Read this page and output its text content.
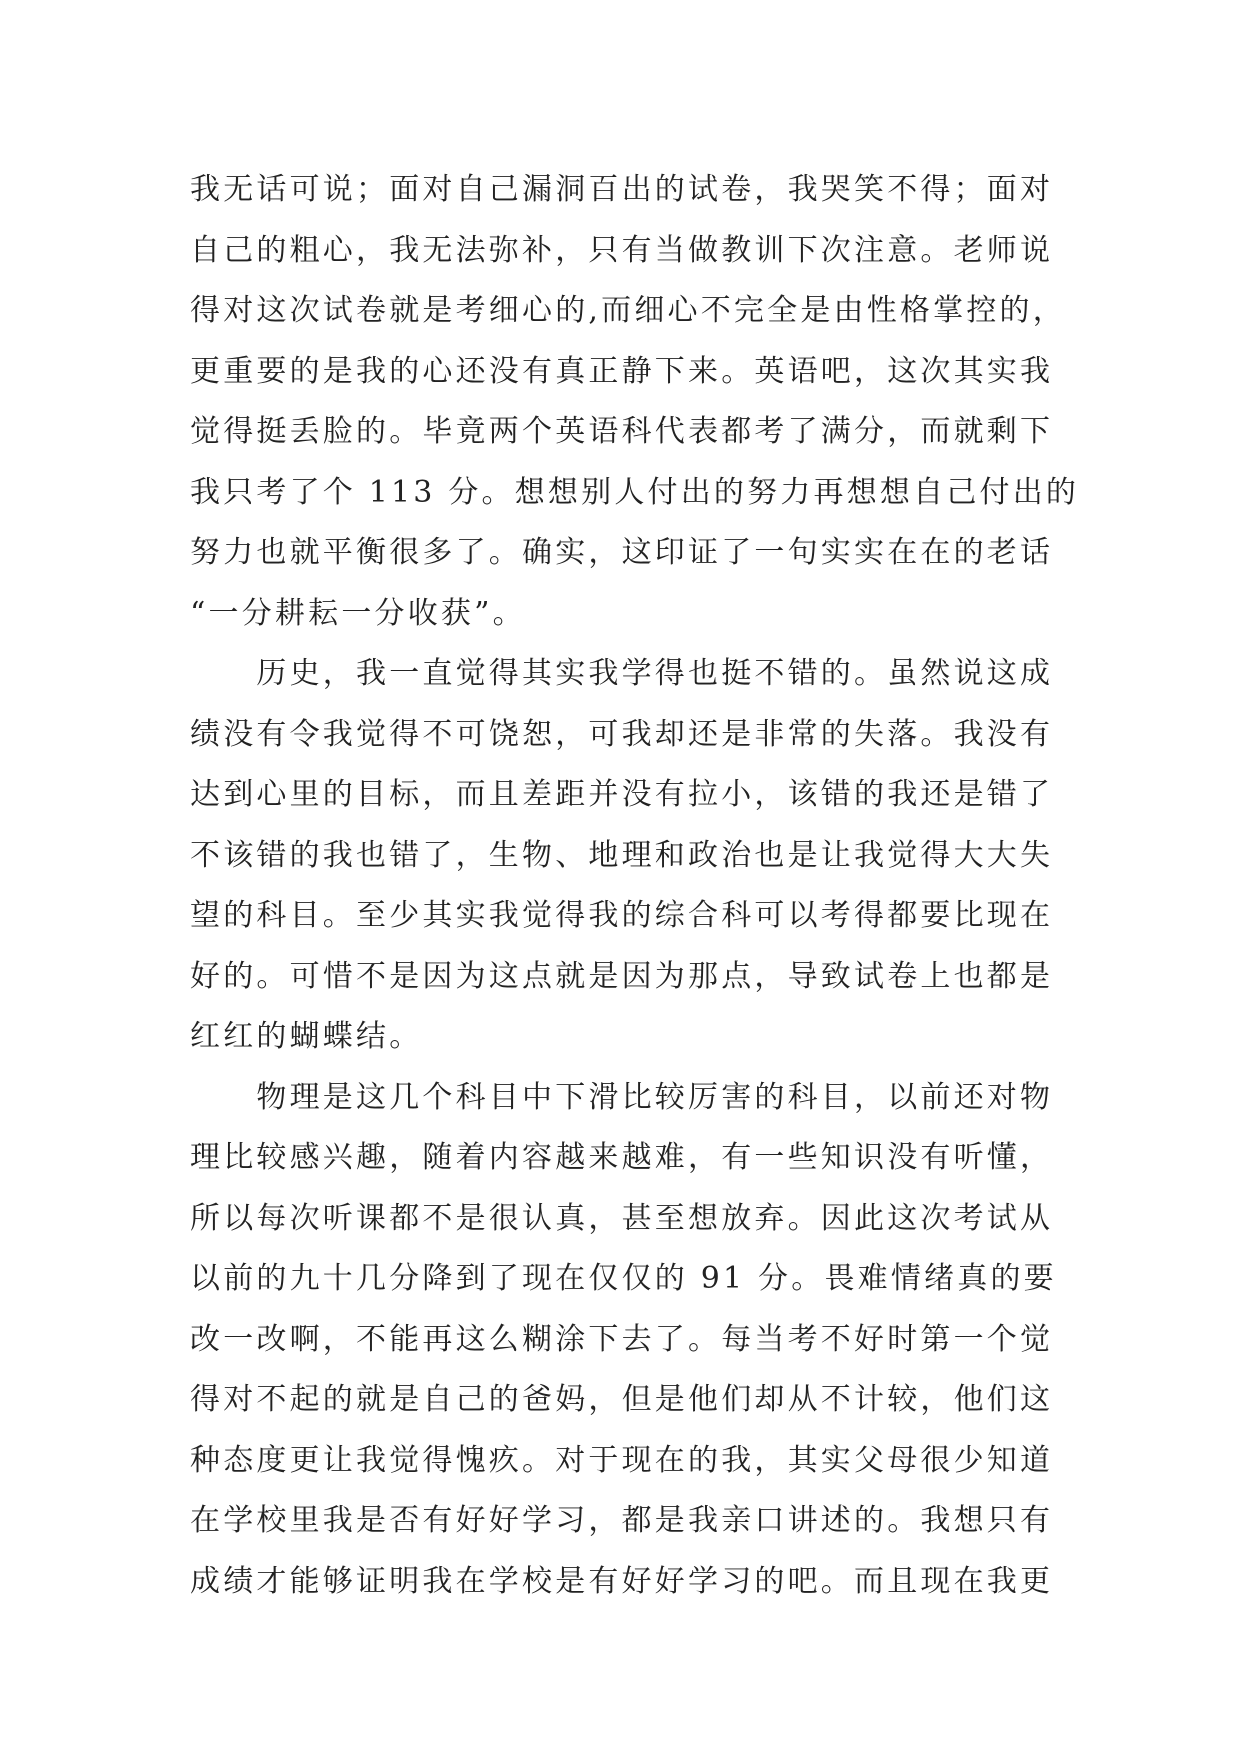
我无话可说；面对自己漏洞百出的试卷，我哭笑不得；面对
自己的粗心，我无法弥补，只有当做教训下次注意。老师说
得对这次试卷就是考细心的,而细心不完全是由性格掌控的，
更重要的是我的心还没有真正静下来。英语吧，这次其实我
觉得挺丢脸的。毕竟两个英语科代表都考了满分，而就剩下
我只考了个 113 分。想想别人付出的努力再想想自己付出的
努力也就平衡很多了。确实，这印证了一句实实在在的老话
“一分耕耘一分收获”。
　　历史，我一直觉得其实我学得也挺不错的。虽然说这成
绩没有令我觉得不可饶恕，可我却还是非常的失落。我没有
达到心里的目标，而且差距并没有拉小，该错的我还是错了
不该错的我也错了，生物、地理和政治也是让我觉得大大失
望的科目。至少其实我觉得我的综合科可以考得都要比现在
好的。可惜不是因为这点就是因为那点，导致试卷上也都是
红红的蝴蝶结。
　　物理是这几个科目中下滑比较厉害的科目，以前还对物
理比较感兴趣，随着内容越来越难，有一些知识没有听懂，
所以每次听课都不是很认真，甚至想放弃。因此这次考试从
以前的九十几分降到了现在仅仅的 91 分。畏难情绪真的要
改一改啊，不能再这么糊涂下去了。每当考不好时第一个觉
得对不起的就是自己的爸妈，但是他们却从不计较，他们这
种态度更让我觉得愧疚。对于现在的我，其实父母很少知道
在学校里我是否有好好学习，都是我亲口讲述的。我想只有
成绩才能够证明我在学校是有好好学习的吧。而且现在我更
